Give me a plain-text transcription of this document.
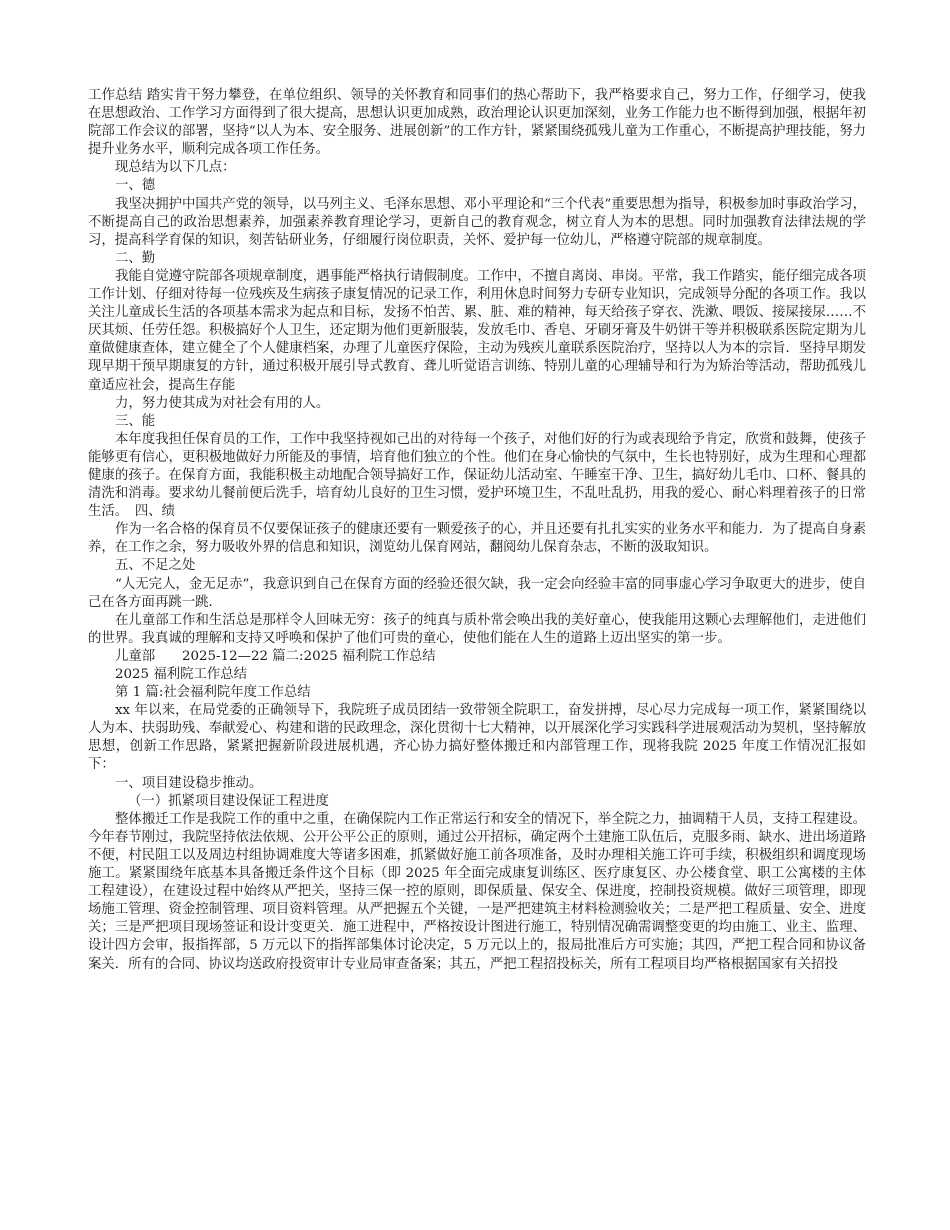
工作总结 踏实肯干努力攀登，在单位组织、领导的关怀教育和同事们的热心帮助下，我严格要求自己，努力工作，仔细学习，使我在思想政治、工作学习方面得到了很大提高，思想认识更加成熟，政治理论认识更加深刻，业务工作能力也不断得到加强，根据年初院部工作会议的部署，坚持“以人为本、安全服务、进展创新”的工作方针，紧紧围绕孤残儿童为工作重心，不断提高护理技能，努力提升业务水平，顺利完成各项工作任务。

现总结为以下几点：

一、德

我坚决拥护中国共产党的领导，以马列主义、毛泽东思想、邓小平理论和“三个代表”重要思想为指导，积极参加时事政治学习，不断提高自己的政治思想素养，加强素养教育理论学习，更新自己的教育观念，树立育人为本的思想。同时加强教育法律法规的学习，提高科学育保的知识，刻苦钻研业务，仔细履行岗位职责，关怀、爱护每一位幼儿，严格遵守院部的规章制度。

二、勤

我能自觉遵守院部各项规章制度，遇事能严格执行请假制度。工作中，不擅自离岗、串岗。平常，我工作踏实，能仔细完成各项工作计划、仔细对待每一位残疾及生病孩子康复情况的记录工作，利用休息时间努力专研专业知识，完成领导分配的各项工作。我以关注儿童成长生活的各项基本需求为起点和目标，发扬不怕苦、累、脏、难的精神，每天给孩子穿衣、洗漱、喂饭、接屎接尿……不厌其烦、任劳任怨。积极搞好个人卫生，还定期为他们更新服装，发放毛巾、香皂、牙刷牙膏及牛奶饼干等并积极联系医院定期为儿童做健康查体，建立健全了个人健康档案，办理了儿童医疗保险，主动为残疾儿童联系医院治疗，坚持以人为本的宗旨．坚持早期发现早期干预早期康复的方针，通过积极开展引导式教育、聋儿听觉语言训练、特别儿童的心理辅导和行为为矫治等活动，帮助孤残儿童适应社会，提高生存能

力，努力使其成为对社会有用的人。

三、能

本年度我担任保育员的工作，工作中我坚持视如己出的对待每一个孩子，对他们好的行为或表现给予肯定，欣赏和鼓舞，使孩子能够更有信心，更积极地做好力所能及的事情，培育他们独立的个性。他们在身心愉快的气氛中，生长也特别好，成为生理和心理都健康的孩子。在保育方面，我能积极主动地配合领导搞好工作，保证幼儿活动室、午睡室干净、卫生，搞好幼儿毛巾、口杯、餐具的清洗和消毒。要求幼儿餐前便后洗手，培育幼儿良好的卫生习惯，爱护环境卫生，不乱吐乱扔，用我的爱心、耐心料理着孩子的日常生活。　四、绩

作为一名合格的保育员不仅要保证孩子的健康还要有一颗爱孩子的心，并且还要有扎扎实实的业务水平和能力．为了提高自身素养，在工作之余，努力吸收外界的信息和知识，浏览幼儿保育网站，翻阅幼儿保育杂志，不断的汲取知识。

五、不足之处

“人无完人，金无足赤”，我意识到自己在保育方面的经验还很欠缺，我一定会向经验丰富的同事虚心学习争取更大的进步，使自己在各方面再跳一跳．

在儿童部工作和生活总是那样令人回味无穷：孩子的纯真与质朴常会唤出我的美好童心，使我能用这颗心去理解他们，走进他们的世界。我真诚的理解和支持又呼唤和保护了他们可贵的童心，使他们能在人生的道路上迈出坚实的第一步。

儿童部　　2025-12—22 篇二:2025 福利院工作总结

2025 福利院工作总结

第 1 篇:社会福利院年度工作总结

xx 年以来，在局党委的正确领导下，我院班子成员团结一致带领全院职工，奋发拼搏，尽心尽力完成每一项工作，紧紧围绕以人为本、扶弱助残、奉献爱心、构建和谐的民政理念，深化贯彻十七大精神，以开展深化学习实践科学进展观活动为契机，坚持解放思想，创新工作思路，紧紧把握新阶段进展机遇，齐心协力搞好整体搬迁和内部管理工作，现将我院 2025 年度工作情况汇报如下：

一、项目建设稳步推动。

（一）抓紧项目建设保证工程进度

整体搬迁工作是我院工作的重中之重，在确保院内工作正常运行和安全的情况下，举全院之力，抽调精干人员，支持工程建设。今年春节刚过，我院坚持依法依规、公开公平公正的原则，通过公开招标，确定两个土建施工队伍后，克服多雨、缺水、进出场道路不便，村民阻工以及周边村组协调难度大等诸多困难，抓紧做好施工前各项准备，及时办理相关施工许可手续，积极组织和调度现场施工。紧紧围绕年底基本具备搬迁条件这个目标（即 2025 年全面完成康复训练区、医疗康复区、办公楼食堂、职工公寓楼的主体工程建设），在建设过程中始终从严把关，坚持三保一控的原则，即保质量、保安全、保进度，控制投资规模。做好三项管理，即现场施工管理、资金控制管理、项目资料管理。从严把握五个关键，一是严把建筑主材料检测验收关；二是严把工程质量、安全、进度关；三是严把项目现场签证和设计变更关．施工进程中，严格按设计图进行施工，特别情况确需调整变更的均由施工、业主、监理、设计四方会审，报指挥部，5 万元以下的指挥部集体讨论决定，5 万元以上的，报局批准后方可实施；其四，严把工程合同和协议备案关．所有的合同、协议均送政府投资审计专业局审查备案；其五，严把工程招投标关，所有工程项目均严格根据国家有关招投
